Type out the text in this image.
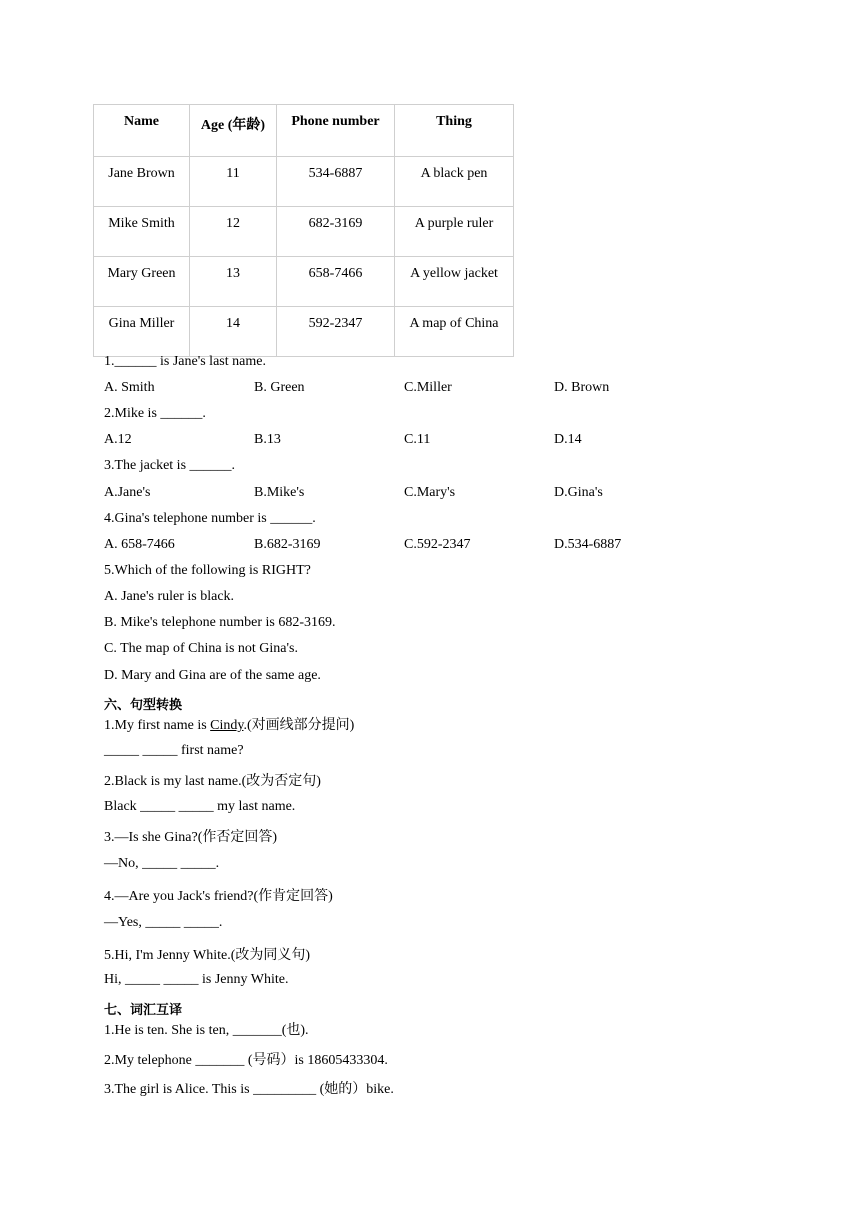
Name	Age (年龄)	Phone number	Thing
Jane Brown	11	534-6887	A black pen
Mike Smith	12	682-3169	A purple ruler
Mary Green	13	658-7466	A yellow jacket
Gina Miller	14	592-2347	A map of China
1.______ is Jane's last name.
A. Smith	B. Green	C.Miller	D. Brown
2.Mike is ______.
A.12	B.13	C.11	D.14
3.The jacket is ______.
A.Jane's	B.Mike's	C.Mary's	D.Gina's
4.Gina's telephone number is ______.
A. 658-7466	B.682-3169	C.592-2347	D.534-6887
5.Which of the following is RIGHT?
A. Jane's ruler is black.
B. Mike's telephone number is 682-3169.
C. The map of China is not Gina's.
D. Mary and Gina are of the same age.
六、句型转换
1.My first name is Cindy.(对画线部分提问)
_____ _____ first name?
2.Black is my last name.(改为否定句)
Black _____ _____ my last name.
3.—Is she Gina?(作否定回答)
—No, _____ _____.
4.—Are you Jack's friend?(作肯定回答)
—Yes, _____ _____.
5.Hi, I'm Jenny White.(改为同义句)
Hi, _____ _____ is Jenny White.
七、词汇互译
1.He is ten. She is ten, _______(也).
2.My telephone _______ (号码）is 18605433304.
3.The girl is Alice. This is _________ (她的）bike.
